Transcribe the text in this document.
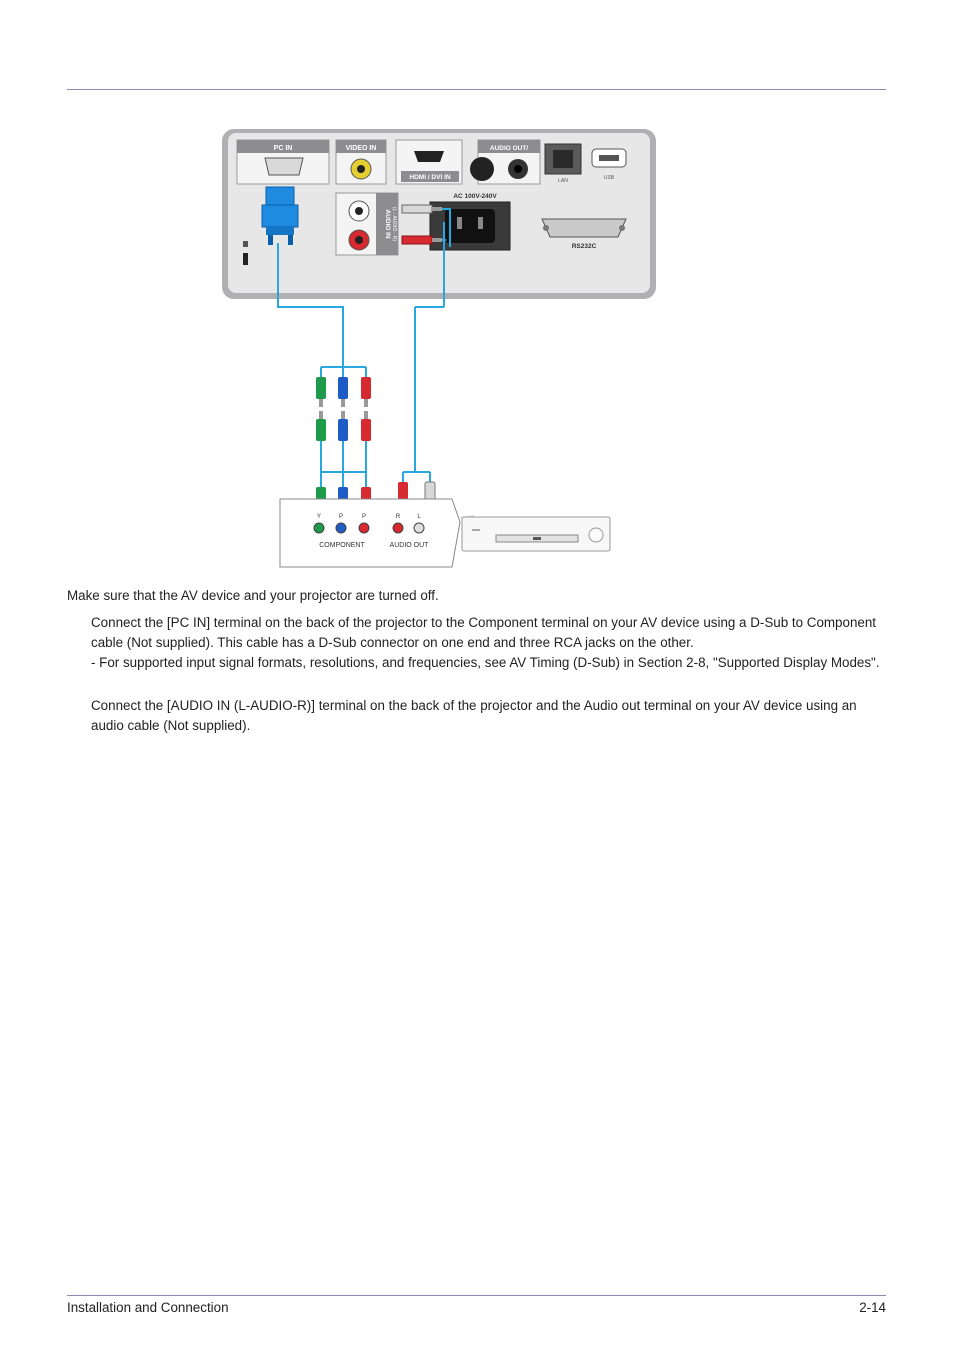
PC IN	VIDEO IN
HDMI / DVI IN
AUDIO OUT/
LAN	USB
AUDIO IN (L - AUDIO - R)
AC 100V-240V
RS232C
Y	P	P	R	L
COMPONENT	AUDIO OUT

Make sure that the AV device and your projector are turned off.

Connect the [PC IN] terminal on the back of the projector to the Component terminal on your AV device using a D-Sub to Component cable (Not supplied). This cable has a D-Sub connector on one end and three RCA jacks on the other.

- For supported input signal formats, resolutions, and frequencies, see AV Timing (D-Sub) in Section 2-8, "Supported Display Modes".

Connect the [AUDIO IN (L-AUDIO-R)] terminal on the back of the projector and the Audio out terminal on your AV device using an audio cable (Not supplied).

Installation and Connection	2-14
